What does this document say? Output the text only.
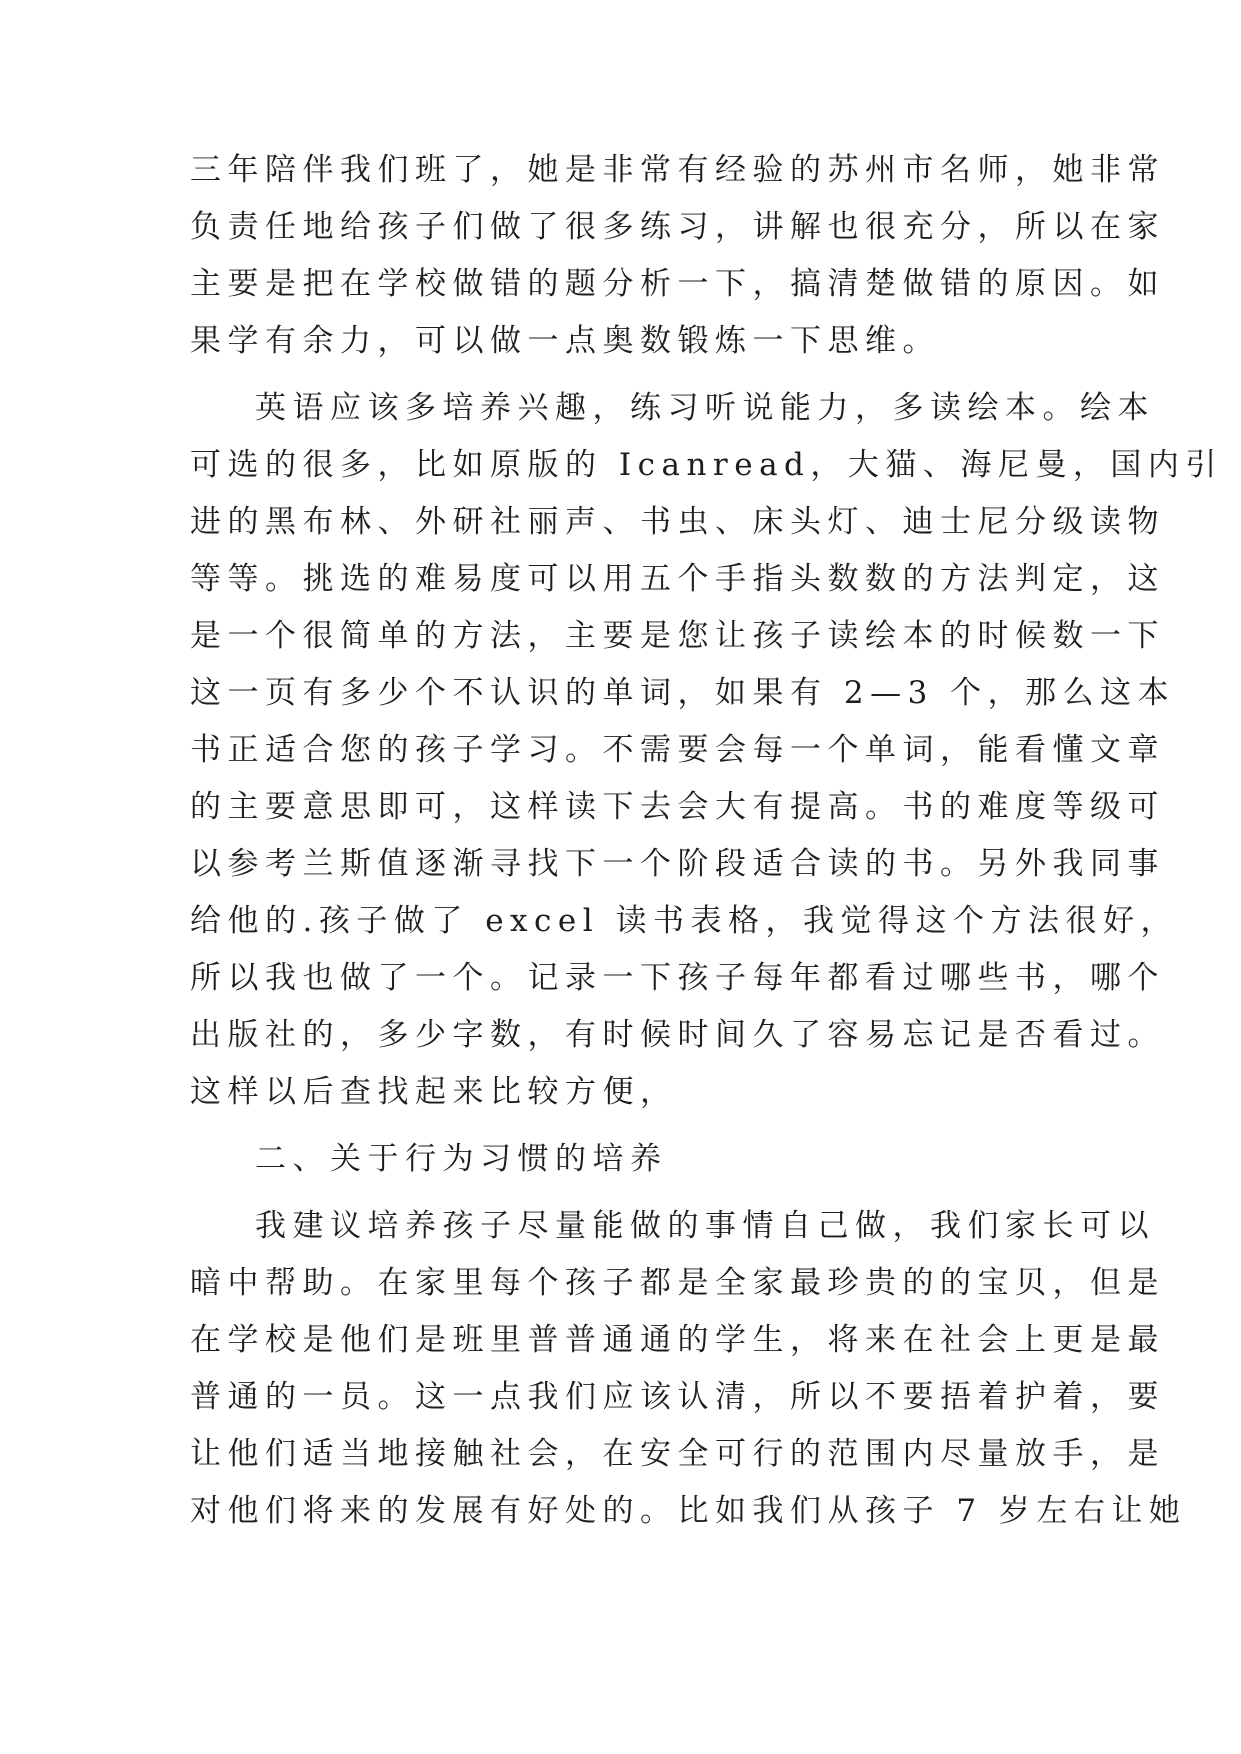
三年陪伴我们班了，她是非常有经验的苏州市名师，她非常
负责任地给孩子们做了很多练习，讲解也很充分，所以在家
主要是把在学校做错的题分析一下，搞清楚做错的原因。如
果学有余力，可以做一点奥数锻炼一下思维。
英语应该多培养兴趣，练习听说能力，多读绘本。绘本
可选的很多，比如原版的 Icanread，大猫、海尼曼，国内引
进的黑布林、外研社丽声、书虫、床头灯、迪士尼分级读物
等等。挑选的难易度可以用五个手指头数数的方法判定，这
是一个很简单的方法，主要是您让孩子读绘本的时候数一下
这一页有多少个不认识的单词，如果有 2—3 个，那么这本
书正适合您的孩子学习。不需要会每一个单词，能看懂文章
的主要意思即可，这样读下去会大有提高。书的难度等级可
以参考兰斯值逐渐寻找下一个阶段适合读的书。另外我同事
给他的.孩子做了 excel 读书表格，我觉得这个方法很好，
所以我也做了一个。记录一下孩子每年都看过哪些书，哪个
出版社的，多少字数，有时候时间久了容易忘记是否看过。
这样以后查找起来比较方便，
二、关于行为习惯的培养
我建议培养孩子尽量能做的事情自己做，我们家长可以
暗中帮助。在家里每个孩子都是全家最珍贵的的宝贝，但是
在学校是他们是班里普普通通的学生，将来在社会上更是最
普通的一员。这一点我们应该认清，所以不要捂着护着，要
让他们适当地接触社会，在安全可行的范围内尽量放手，是
对他们将来的发展有好处的。比如我们从孩子 7 岁左右让她
